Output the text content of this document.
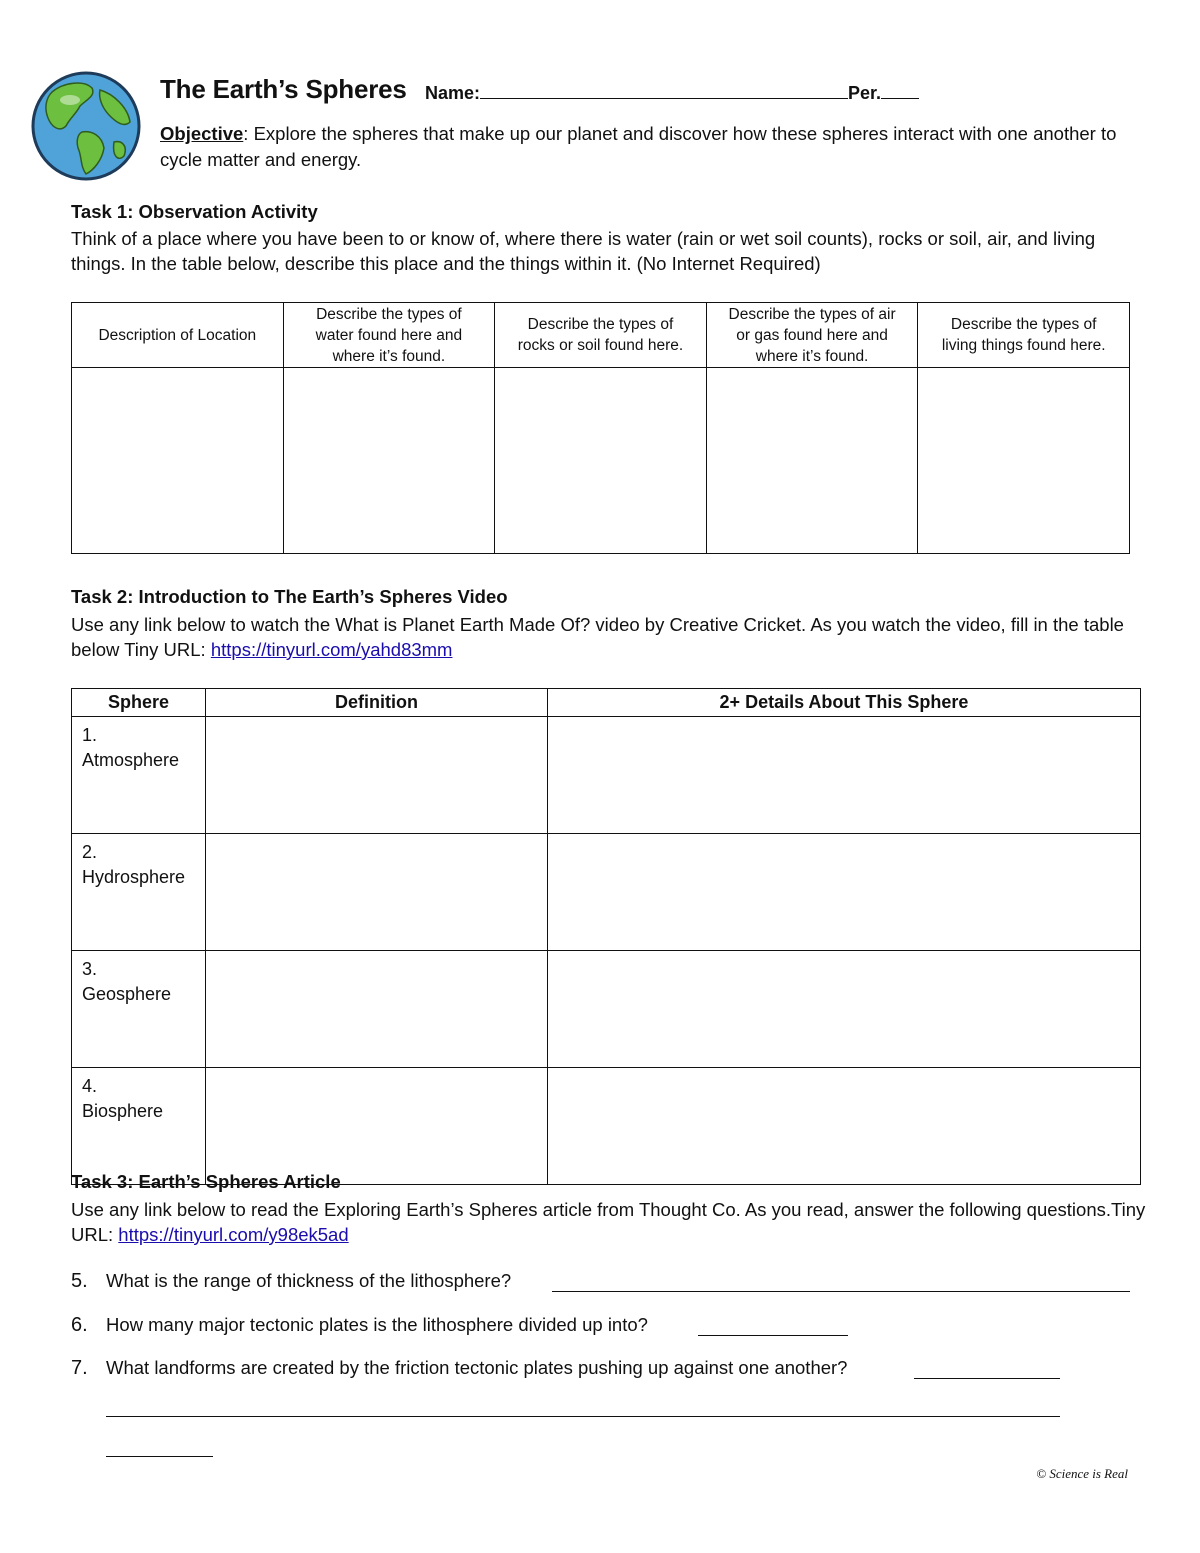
The Earth’s Spheres Name:	Per.
Objective: Explore the spheres that make up our planet and discover how these spheres interact with one another to cycle matter and energy.
Task 1: Observation Activity
Think of a place where you have been to or know of, where there is water (rain or wet soil counts), rocks or soil, air, and living things. In the table below, describe this place and the things within it. (No Internet Required)
Description of Location	Describe the types of water found here and where it’s found.	Describe the types of rocks or soil found here.	Describe the types of air or gas found here and where it’s found.	Describe the types of living things found here.

Task 2: Introduction to The Earth’s Spheres Video
Use any link below to watch the What is Planet Earth Made Of? video by Creative Cricket. As you watch the video, fill in the table below Tiny URL: https://tinyurl.com/yahd83mm
Sphere	Definition	2+ Details About This Sphere

1.
Atmosphere		

2.
Hydrosphere		

3.
Geosphere		

4.
Biosphere		

Task 3: Earth’s Spheres Article
Use any link below to read the Exploring Earth’s Spheres article from Thought Co. As you read, answer the following questions.Tiny URL: https://tinyurl.com/y98ek5ad
5. What is the range of thickness of the lithosphere?
6. How many major tectonic plates is the lithosphere divided up into?
7. What landforms are created by the friction tectonic plates pushing up against one another?
© Science is Real
